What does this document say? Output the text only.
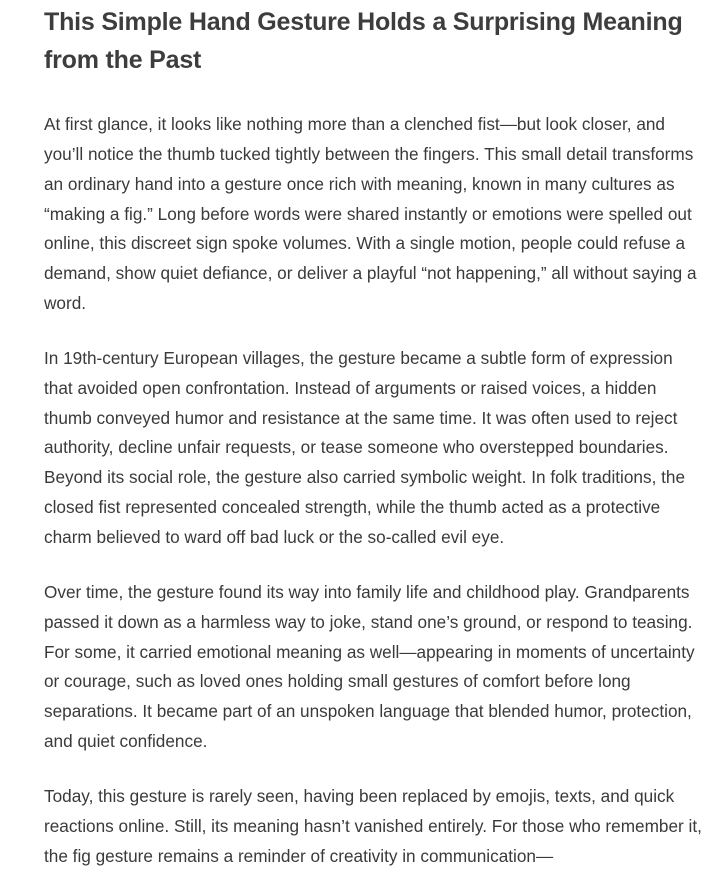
This Simple Hand Gesture Holds a Surprising Meaning from the Past

At first glance, it looks like nothing more than a clenched fist—but look closer, and you’ll notice the thumb tucked tightly between the fingers. This small detail transforms an ordinary hand into a gesture once rich with meaning, known in many cultures as “making a fig.” Long before words were shared instantly or emotions were spelled out online, this discreet sign spoke volumes. With a single motion, people could refuse a demand, show quiet defiance, or deliver a playful “not happening,” all without saying a word.

In 19th-century European villages, the gesture became a subtle form of expression that avoided open confrontation. Instead of arguments or raised voices, a hidden thumb conveyed humor and resistance at the same time. It was often used to reject authority, decline unfair requests, or tease someone who overstepped boundaries. Beyond its social role, the gesture also carried symbolic weight. In folk traditions, the closed fist represented concealed strength, while the thumb acted as a protective charm believed to ward off bad luck or the so-called evil eye.

Over time, the gesture found its way into family life and childhood play. Grandparents passed it down as a harmless way to joke, stand one’s ground, or respond to teasing. For some, it carried emotional meaning as well—appearing in moments of uncertainty or courage, such as loved ones holding small gestures of comfort before long separations. It became part of an unspoken language that blended humor, protection, and quiet confidence.

Today, this gesture is rarely seen, having been replaced by emojis, texts, and quick reactions online. Still, its meaning hasn’t vanished entirely. For those who remember it, the fig gesture remains a reminder of creativity in communication—
